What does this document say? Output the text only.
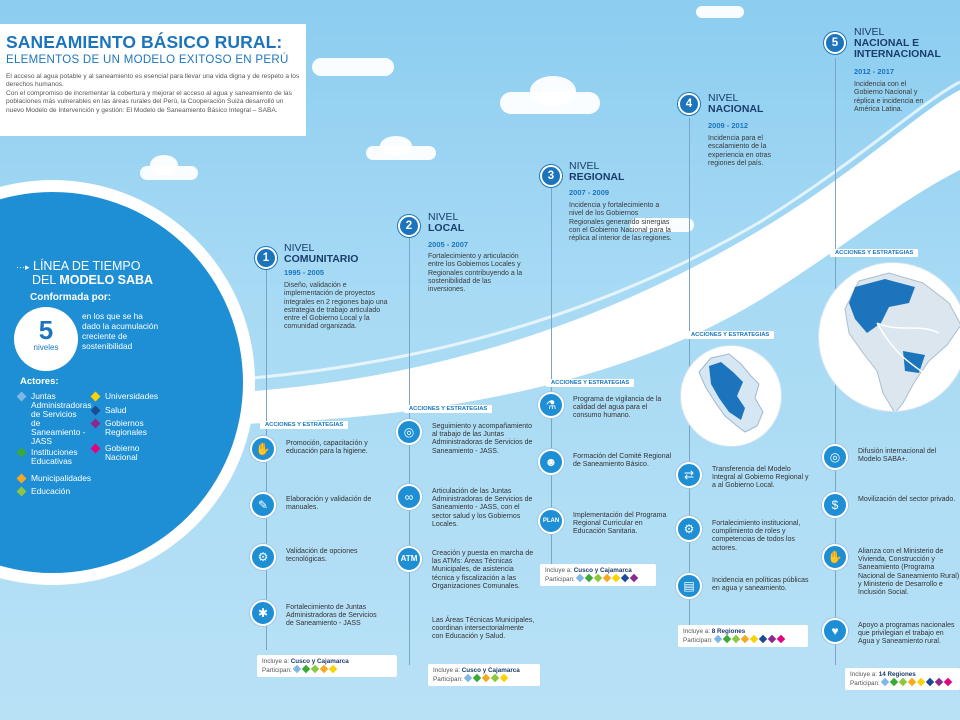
SANEAMIENTO BÁSICO RURAL:
ELEMENTOS DE UN MODELO EXITOSO EN PERÚ
El acceso al agua potable y al saneamiento es esencial para llevar una vida digna y de respeto a los derechos humanos.
Con el compromiso de incrementar la cobertura y mejorar el acceso al agua y saneamiento de las poblaciones más vulnerables en las áreas rurales del Perú, la Cooperación Suiza desarrolló un nuevo Modelo de Intervención y gestión: El Modelo de Saneamiento Básico Integral – SABA.
···▸ LÍNEA DE TIEMPO
DEL MODELO SABA
Conformada por:
5
niveles
en los que se ha dado la acumulación creciente de sostenibilidad
Actores:
Juntas Administradoras de Servicios de Saneamiento - JASS
Instituciones Educativas
Municipalidades
Educación
Universidades
Salud
Gobiernos Regionales
Gobierno Nacional
1
NIVEL
COMUNITARIO
1995 - 2005
Diseño, validación e implementación de proyectos integrales en 2 regiones bajo una estrategia de trabajo articulado entre el Gobierno Local y la comunidad organizada.
ACCIONES Y ESTRATEGIAS
✋	Promoción, capacitación y educación para la higiene.
✎	Elaboración y validación de manuales.
⚙	Validación de opciones tecnológicas.
✱	Fortalecimiento de Juntas Administradoras de Servicios de Saneamiento - JASS
Incluye a: Cusco y Cajamarca
Participan:
2
NIVEL
LOCAL
2005 - 2007
Fortalecimiento y articulación entre los Gobiernos Locales y Regionales contribuyendo a la sostenibilidad de las inversiones.
ACCIONES Y ESTRATEGIAS
◎	Seguimiento y acompañamiento al trabajo de las Juntas Administradoras de Servicios de Saneamiento - JASS.
∞	Articulación de las Juntas Administradoras de Servicios de Saneamiento - JASS, con el sector salud y los Gobiernos Locales.
ATM
Creación y puesta en marcha de las ATMs: Áreas Técnicas Municipales, de asistencia técnica y fiscalización a las Organizaciones Comunales.
Las Áreas Técnicas Municipales, coordinan intersectorialmente con Educación y Salud.
Incluye a: Cusco y Cajamarca
Participan:
3
NIVEL
REGIONAL
2007 - 2009
Incidencia y fortalecimiento a nivel de los Gobiernos Regionales generando sinergias con el Gobierno Nacional para la réplica al interior de las regiones.
ACCIONES Y ESTRATEGIAS
⚗	Programa de vigilancia de la calidad del agua para el consumo humano.
☻	Formación del Comité Regional de Saneamiento Básico.
PLAN
Implementación del Programa Regional Curricular en Educación Sanitaria.
Incluye a: Cusco y Cajamarca
Participan:
4	NIVEL
NACIONAL
2009 - 2012
Incidencia para el escalamiento de la experiencia en otras regiones del país.
ACCIONES Y ESTRATEGIAS
⇄	Transferencia del Modelo Integral al Gobierno Regional y a al Gobierno Local.
⚙	Fortalecimiento institucional, cumplimiento de roles y competencias de todos los actores.
▤	Incidencia en políticas públicas en agua y saneamiento.
Incluye a: 8 Regiones
Participan:
5
NIVEL
NACIONAL E
INTERNACIONAL
2012 - 2017
Incidencia con el Gobierno Nacional y réplica e incidencia en América Latina.
ACCIONES Y ESTRATEGIAS
◎	Difusión internacional del Modelo SABA+.
$	Movilización del sector privado.
✋	Alianza con el Ministerio de Vivienda, Construcción y Saneamiento (Programa Nacional de Saneamiento Rural) y Ministerio de Desarrollo e Inclusión Social.
♥	Apoyo a programas nacionales que privilegian el trabajo en Agua y Saneamiento rural.
Incluye a: 14 Regiones
Participan:
